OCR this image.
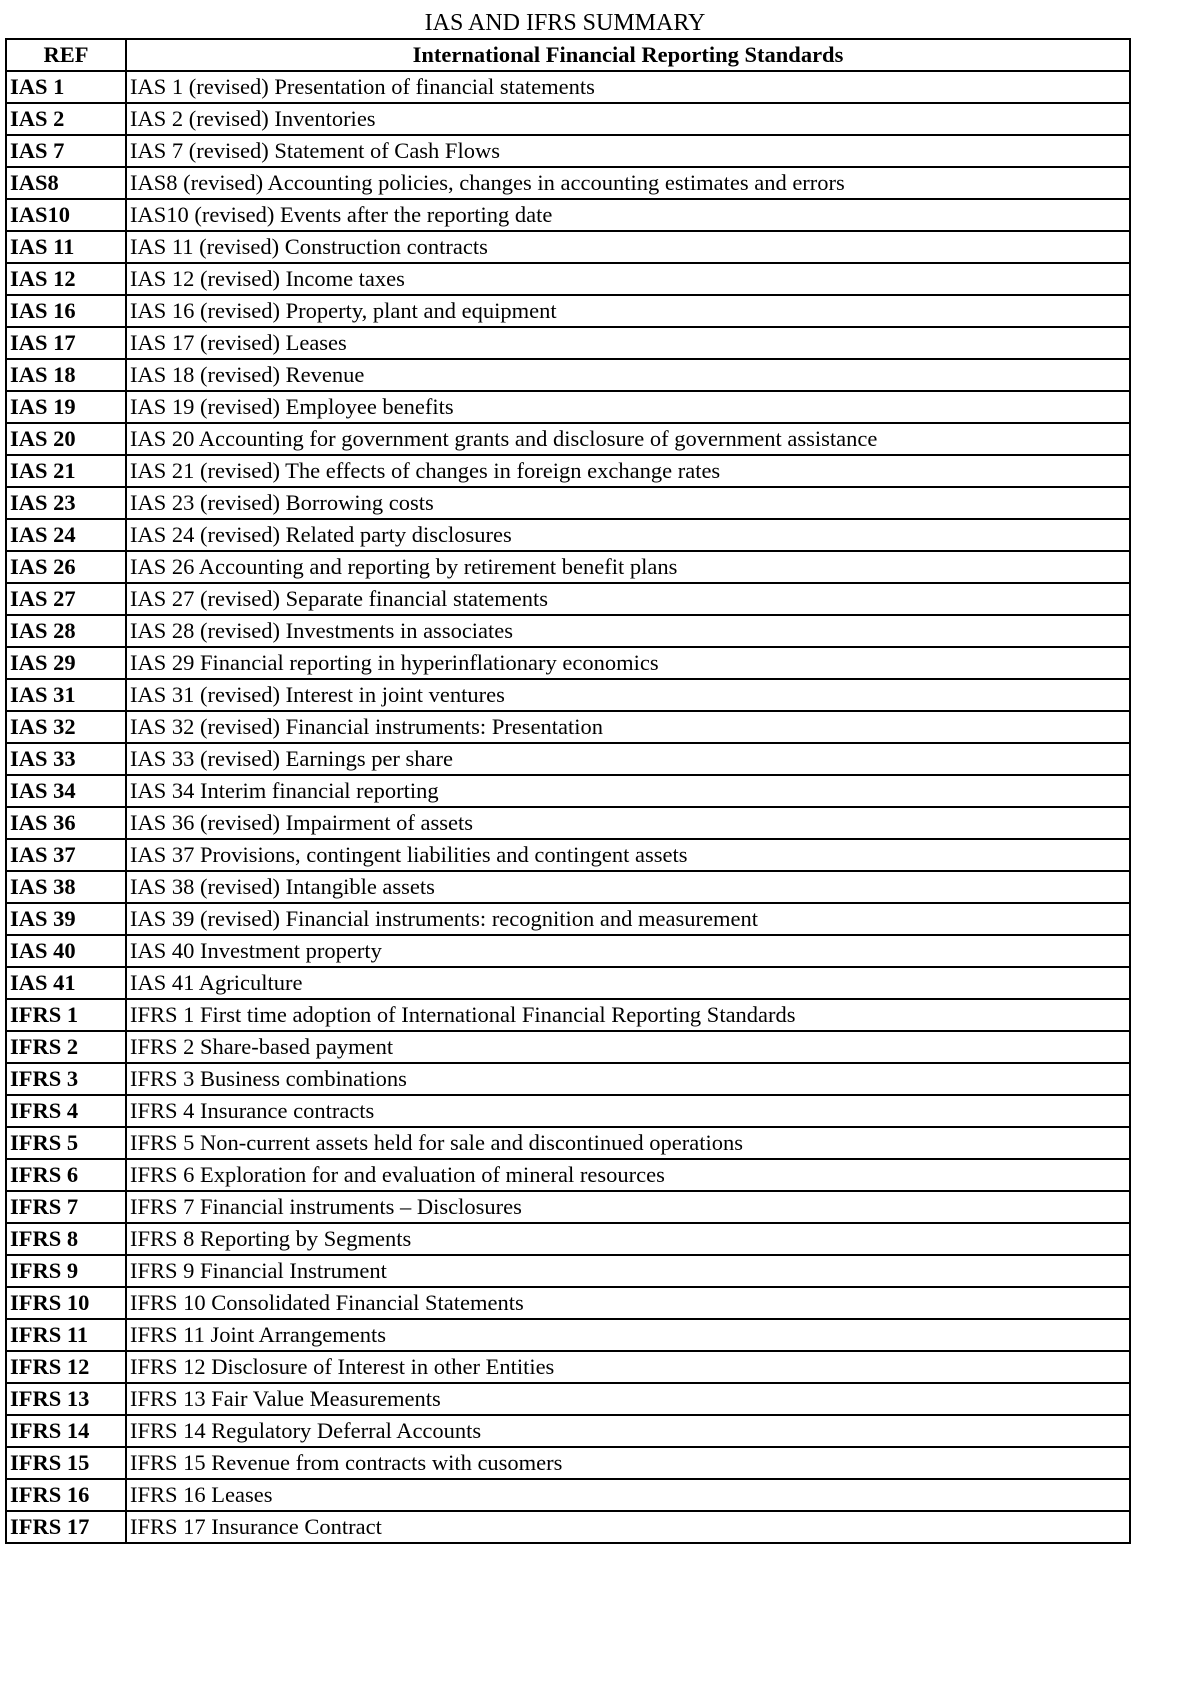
IAS AND IFRS SUMMARY
REF	International Financial Reporting Standards
IAS 1	IAS 1 (revised) Presentation of financial statements
IAS 2	IAS 2 (revised) Inventories
IAS 7	IAS 7 (revised) Statement of Cash Flows
IAS8	IAS8 (revised) Accounting policies, changes in accounting estimates and errors
IAS10	IAS10 (revised) Events after the reporting date
IAS 11	IAS 11 (revised) Construction contracts
IAS 12	IAS 12 (revised) Income taxes
IAS 16	IAS 16 (revised) Property, plant and equipment
IAS 17	IAS 17 (revised) Leases
IAS 18	IAS 18 (revised) Revenue
IAS 19	IAS 19 (revised) Employee benefits
IAS 20	IAS 20 Accounting for government grants and disclosure of government assistance
IAS 21	IAS 21 (revised) The effects of changes in foreign exchange rates
IAS 23	IAS 23 (revised) Borrowing costs
IAS 24	IAS 24 (revised) Related party disclosures
IAS 26	IAS 26 Accounting and reporting by retirement benefit plans
IAS 27	IAS 27 (revised) Separate financial statements
IAS 28	IAS 28 (revised) Investments in associates
IAS 29	IAS 29 Financial reporting in hyperinflationary economics
IAS 31	IAS 31 (revised) Interest in joint ventures
IAS 32	IAS 32 (revised) Financial instruments: Presentation
IAS 33	IAS 33 (revised) Earnings per share
IAS 34	IAS 34 Interim financial reporting
IAS 36	IAS 36 (revised) Impairment of assets
IAS 37	IAS 37 Provisions, contingent liabilities and contingent assets
IAS 38	IAS 38 (revised) Intangible assets
IAS 39	IAS 39 (revised) Financial instruments: recognition and measurement
IAS 40	IAS 40 Investment property
IAS 41	IAS 41 Agriculture
IFRS 1	IFRS 1 First time adoption of International Financial Reporting Standards
IFRS 2	IFRS 2 Share-based payment
IFRS 3	IFRS 3 Business combinations
IFRS 4	IFRS 4 Insurance contracts
IFRS 5	IFRS 5 Non-current assets held for sale and discontinued operations
IFRS 6	IFRS 6 Exploration for and evaluation of mineral resources
IFRS 7	IFRS 7 Financial instruments – Disclosures
IFRS 8	IFRS 8 Reporting by Segments
IFRS 9	IFRS 9 Financial Instrument
IFRS 10	IFRS 10 Consolidated Financial Statements
IFRS 11	IFRS 11 Joint Arrangements
IFRS 12	IFRS 12 Disclosure of Interest in other Entities
IFRS 13	IFRS 13 Fair Value Measurements
IFRS 14	IFRS 14 Regulatory Deferral Accounts
IFRS 15	IFRS 15 Revenue from contracts with cusomers
IFRS 16	IFRS 16 Leases
IFRS 17	IFRS 17 Insurance Contract
